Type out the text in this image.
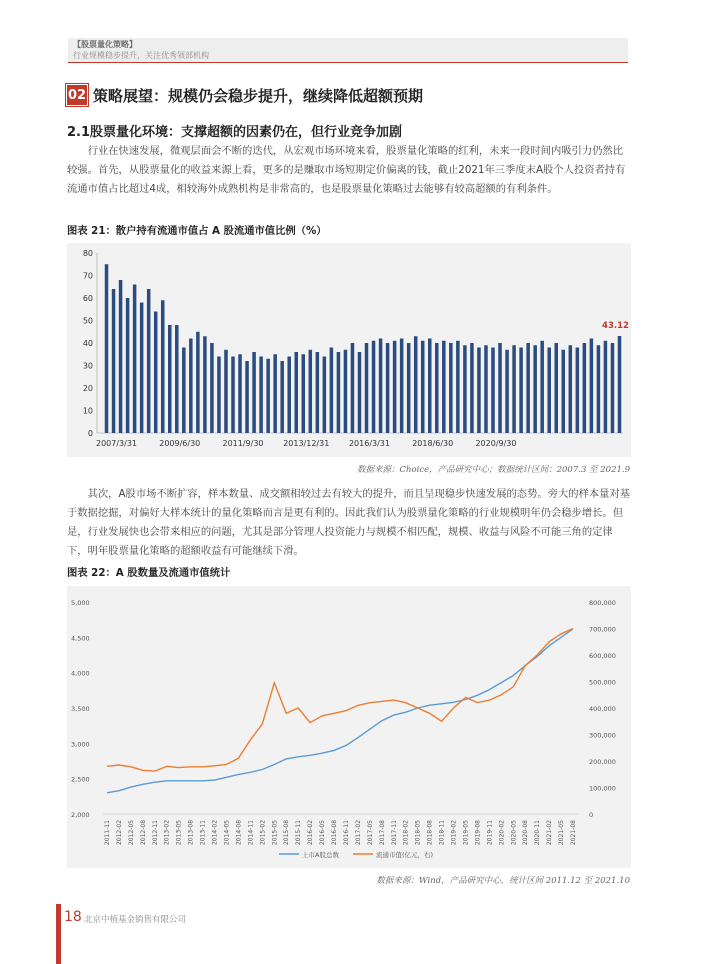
【股票量化策略】
行业规模稳步提升，关注优秀领部机构
02 策略展望：规模仍会稳步提升，继续降低超额预期
2.1股票量化环境：支撑超额的因素仍在，但行业竞争加剧

行业在快速发展，微观层面会不断的迭代，从宏观市场环境来看，股票量化策略的红利，未来一段时间内吸引力仍然比较强。首先，从股票量化的收益来源上看，更多的是赚取市场短期定价偏离的钱，截止2021年三季度末A股个人投资者持有流通市值占比超过4成，相较海外成熟机构是非常高的，也是股票量化策略过去能够有较高超额的有利条件。

图表 21：散户持有流通市值占 A 股流通市值比例（%）
0
10
20
30
40
50
60
70
80
43.12
2007/3/31	2009/6/30	2011/9/30 2013/12/31 2016/3/31	2018/6/30	2020/9/30
数据来源：Choice，产品研究中心；数据统计区间：2007.3 至 2021.9

其次，A股市场不断扩容，样本数量、成交额相较过去有较大的提升，而且呈现稳步快速发展的态势。旁大的样本量对基于数据挖掘，对偏好大样本统计的量化策略而言是更有利的。因此我们认为股票量化策略的行业规模明年仍会稳步增长。但是，行业发展快也会带来相应的问题，尤其是部分管理人投资能力与规模不相匹配，规模、收益与风险不可能三角的定律下，明年股票量化策略的超额收益有可能继续下滑。

图表 22：A 股数量及流通市值统计
2,000
2,500
3,000
3,500
4,000
4,500
5,000
0
100,000
200,000
300,000
400,000
500,000
600,000
700,000
800,000
2011-11 2012-02 2012-05 2012-08 2012-11 2013-02 2013-05 2013-08 2013-11 2014-02 2014-05 2014-08 2014-11 2015-02 2015-05 2015-08 2015-11 2016-02 2016-05 2016-08 2016-11 2017-02 2017-05 2017-08 2017-11 2018-02 2018-05 2018-08 2018-11 2019-02 2019-05 2019-08 2019-11 2020-02 2020-05 2020-08 2020-11 2021-02 2021-05 2021-08
上市A股总数	流通市值(亿元，右)
数据来源：Wind，产品研究中心，统计区间 2011.12 至 2021.10
18 北京中植基金销售有限公司
